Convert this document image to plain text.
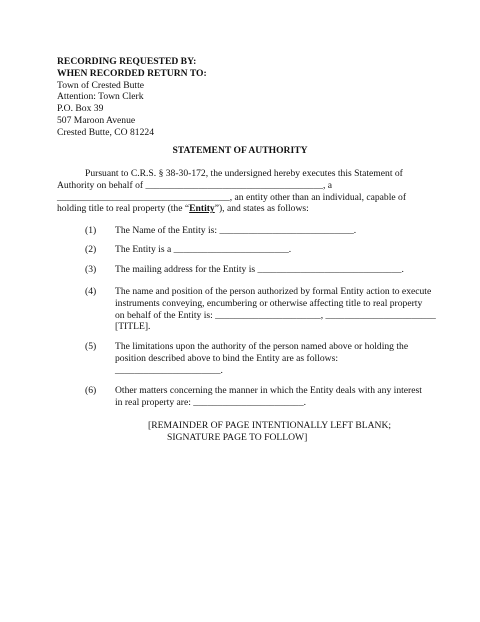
RECORDING REQUESTED BY:
WHEN RECORDED RETURN TO:
Town of Crested Butte
Attention: Town Clerk
P.O. Box 39
507 Maroon Avenue
Crested Butte, CO 81224
STATEMENT OF AUTHORITY
Pursuant to C.R.S. § 38-30-172, the undersigned hereby executes this Statement of
Authority on behalf of _____________________________________, a
____________________________________, an entity other than an individual, capable of
holding title to real property (the “Entity”), and states as follows:
(1) The Name of the Entity is: ____________________________.
(2) The Entity is a ________________________.
(3) The mailing address for the Entity is ______________________________.
(4) The name and position of the person authorized by formal Entity action to execute
instruments conveying, encumbering or otherwise affecting title to real property
on behalf of the Entity is: ______________________, _______________________
[TITLE].
(5) The limitations upon the authority of the person named above or holding the
position described above to bind the Entity are as follows:
______________________.
(6) Other matters concerning the manner in which the Entity deals with any interest
in real property are: _______________________.
[REMAINDER OF PAGE INTENTIONALLY LEFT BLANK;
SIGNATURE PAGE TO FOLLOW]
